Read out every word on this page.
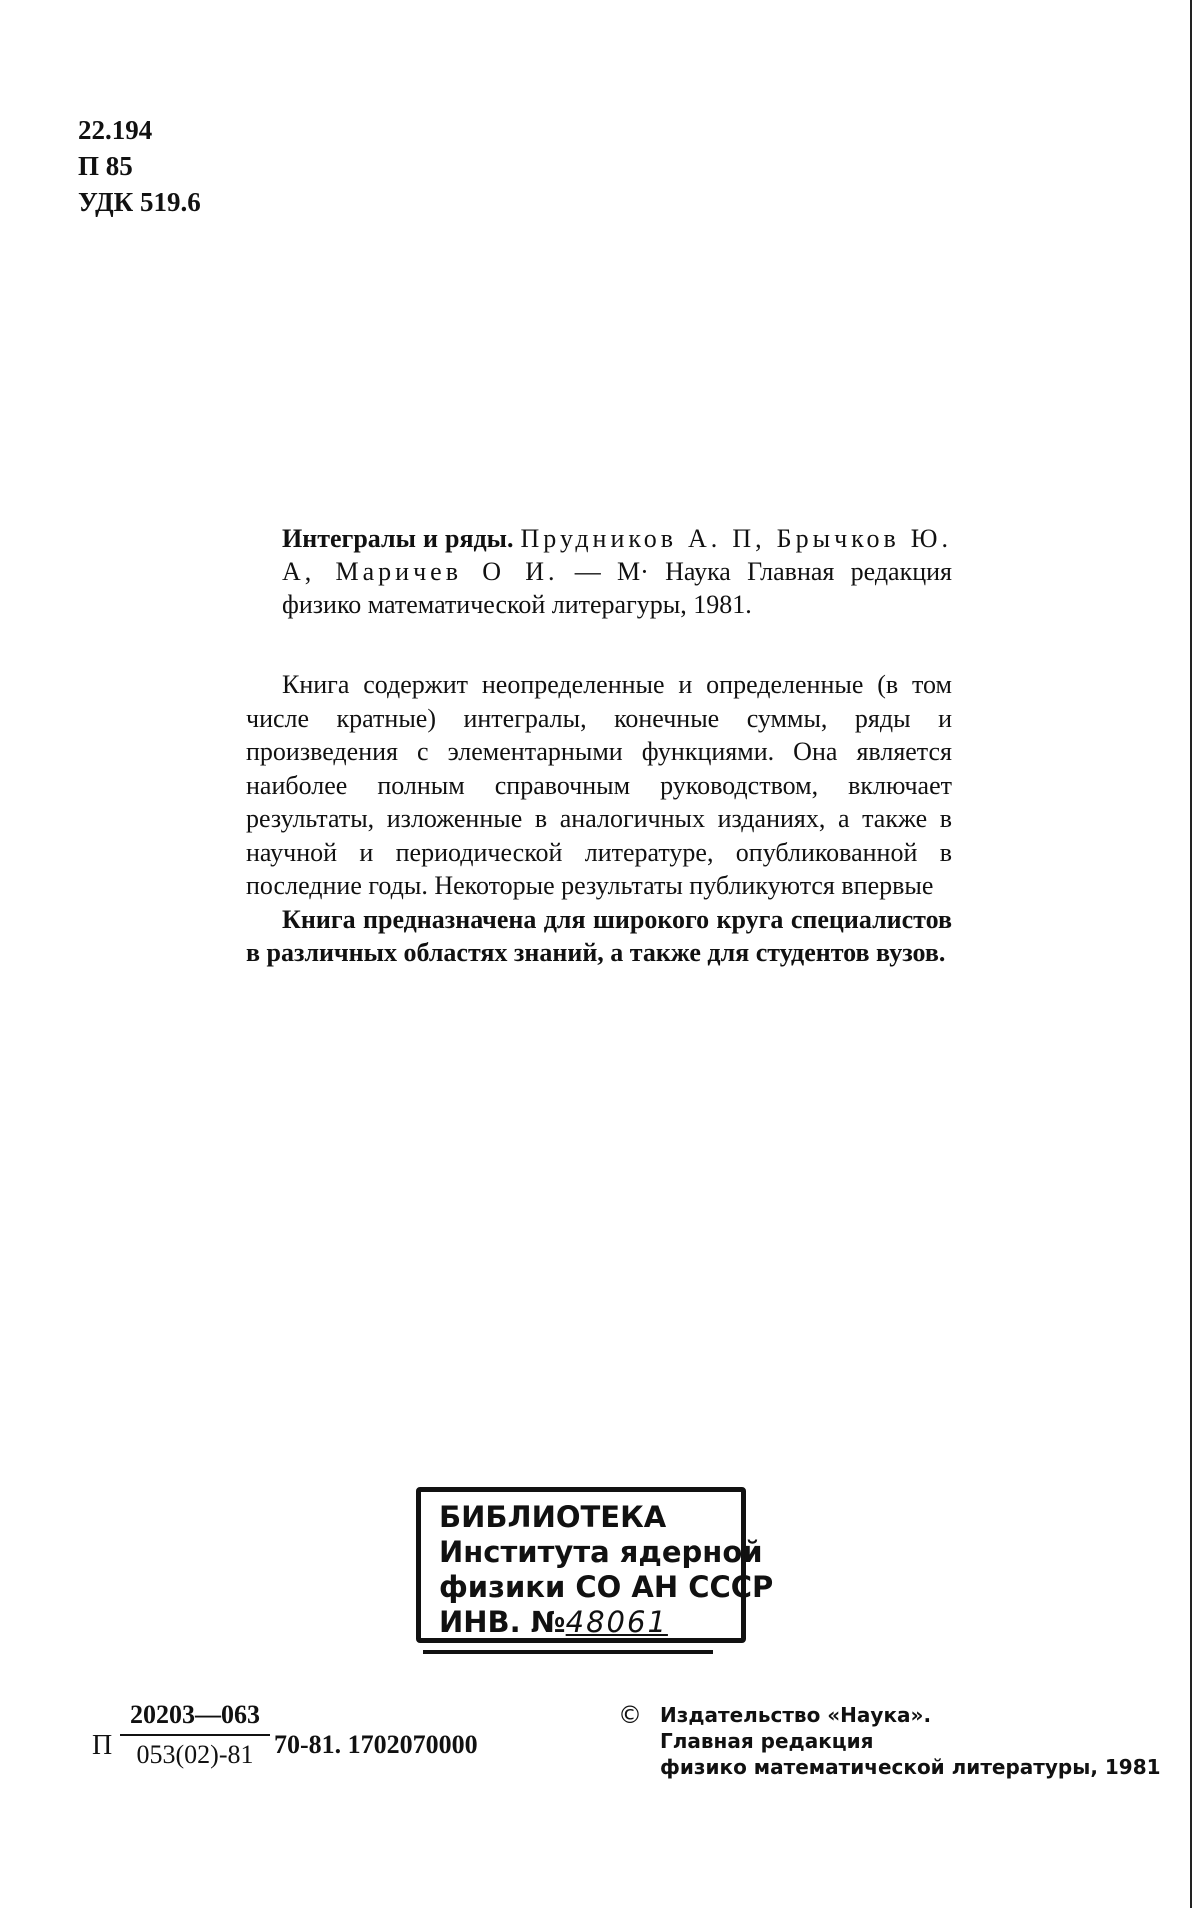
22.194
П 85
УДК 519.6
Интегралы и ряды. Прудников А. П, Брычков Ю. А, Маричев О И. — М· Наука Главная редакция физико математической литерагуры, 1981.

Книга содержит неопределенные и определенные (в том числе кратные) интегралы, конечные суммы, ряды и произведения с элементарными функциями. Она является наиболее полным справочным руководством, включает результаты, изложенные в аналогичных изданиях, а также в научной и периодической литературе, опубликованной в последние годы. Некоторые результаты публикуются впервые

Книга предназначена для широкого круга специалистов в различных областях знаний, а также для студентов вузов.

БИБЛИОТЕКА
Института ядерной
физики СО АН СССР
ИНВ. №48061
П $\frac{20203—063}{053(02)-81} 70-81$. 1702070000
© Издательство «Наука».
Главная редакция
физико математической литературы, 1981
